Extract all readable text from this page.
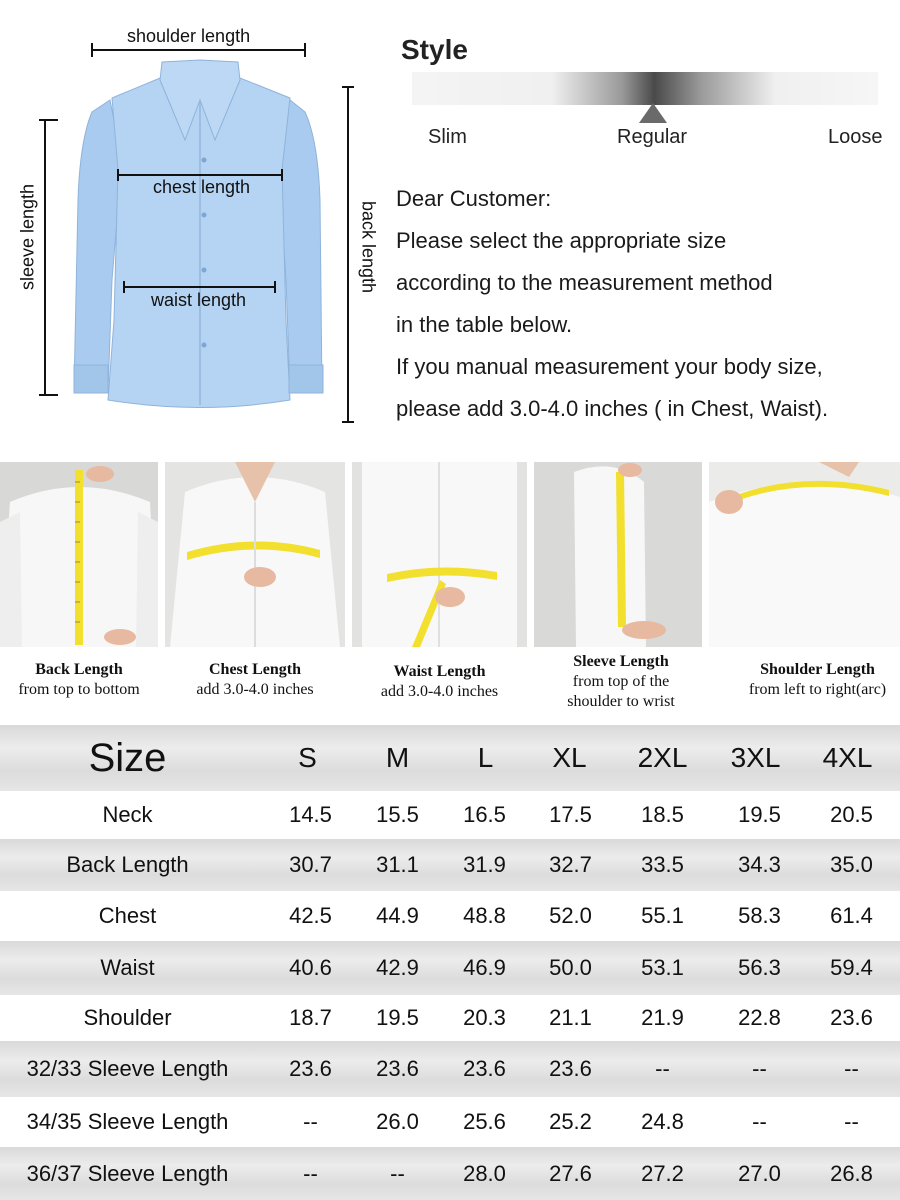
shoulder length
chest length
waist length
sleeve length	back length
Style
Slim	Regular	Loose
Dear Customer:
Please select the appropriate size
according to the measurement method
in the table below.
If you manual measurement your body size,
please add 3.0-4.0 inches ( in Chest, Waist).
Back Length
from top to bottom
Chest Length
add 3.0-4.0 inches
Waist Length
add 3.0-4.0 inches
Sleeve Length
from top of the
shoulder to wrist
Shoulder Length
from left to right(arc)
Size	S	M	L	XL	2XL	3XL	4XL
Neck	14.5	15.5	16.5	17.5	18.5	19.5	20.5
Back Length	30.7	31.1	31.9	32.7	33.5	34.3	35.0
Chest	42.5	44.9	48.8	52.0	55.1	58.3	61.4
Waist	40.6	42.9	46.9	50.0	53.1	56.3	59.4
Shoulder	18.7	19.5	20.3	21.1	21.9	22.8	23.6
32/33 Sleeve Length	23.6	23.6	23.6	23.6	--	--	--
34/35 Sleeve Length	--	26.0	25.6	25.2	24.8	--	--
36/37 Sleeve Length	--	--	28.0	27.6	27.2	27.0	26.8
